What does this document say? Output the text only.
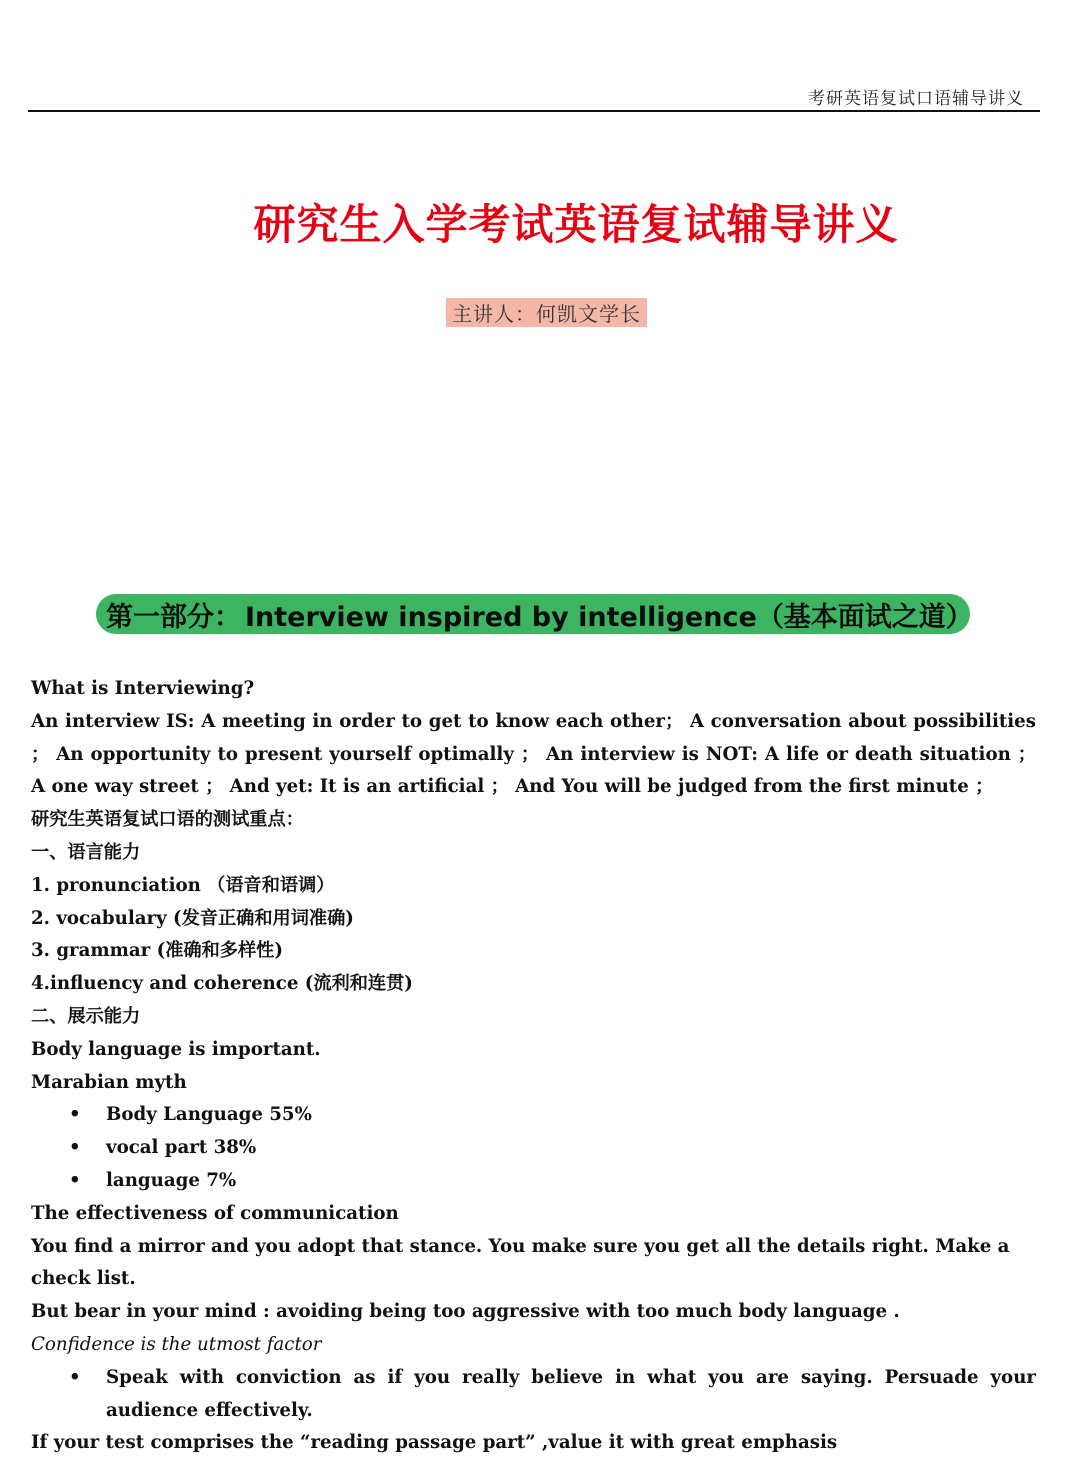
考研英语复试口语辅导讲义
研究生入学考试英语复试辅导讲义
主讲人：何凯文学长
第一部分： Interview inspired by intelligence（基本面试之道）

What is Interviewing?

An interview IS: A meeting in order to get to know each other； A conversation about possibilities ； An opportunity to present yourself optimally ； An interview is NOT: A life or death situation ； A one way street ； And yet: It is an artificial ； And You will be judged from the first minute ；

研究生英语复试口语的测试重点：

一、语言能力

1. pronunciation （语音和语调）

2. vocabulary (发音正确和用词准确)

3. grammar (准确和多样性)

4.influency and coherence (流利和连贯)

二、展示能力

Body language is important.

Marabian myth

• Body Language 55%
• vocal part 38%
• language 7%

The effectiveness of communication

You find a mirror and you adopt that stance. You make sure you get all the details right. Make a check list.

But bear in your mind : avoiding being too aggressive with too much body language .

Confidence is the utmost factor

• Speak with conviction as if you really believe in what you are saying. Persuade your audience effectively.

If your test comprises the “reading passage part” ,value it with great emphasis
